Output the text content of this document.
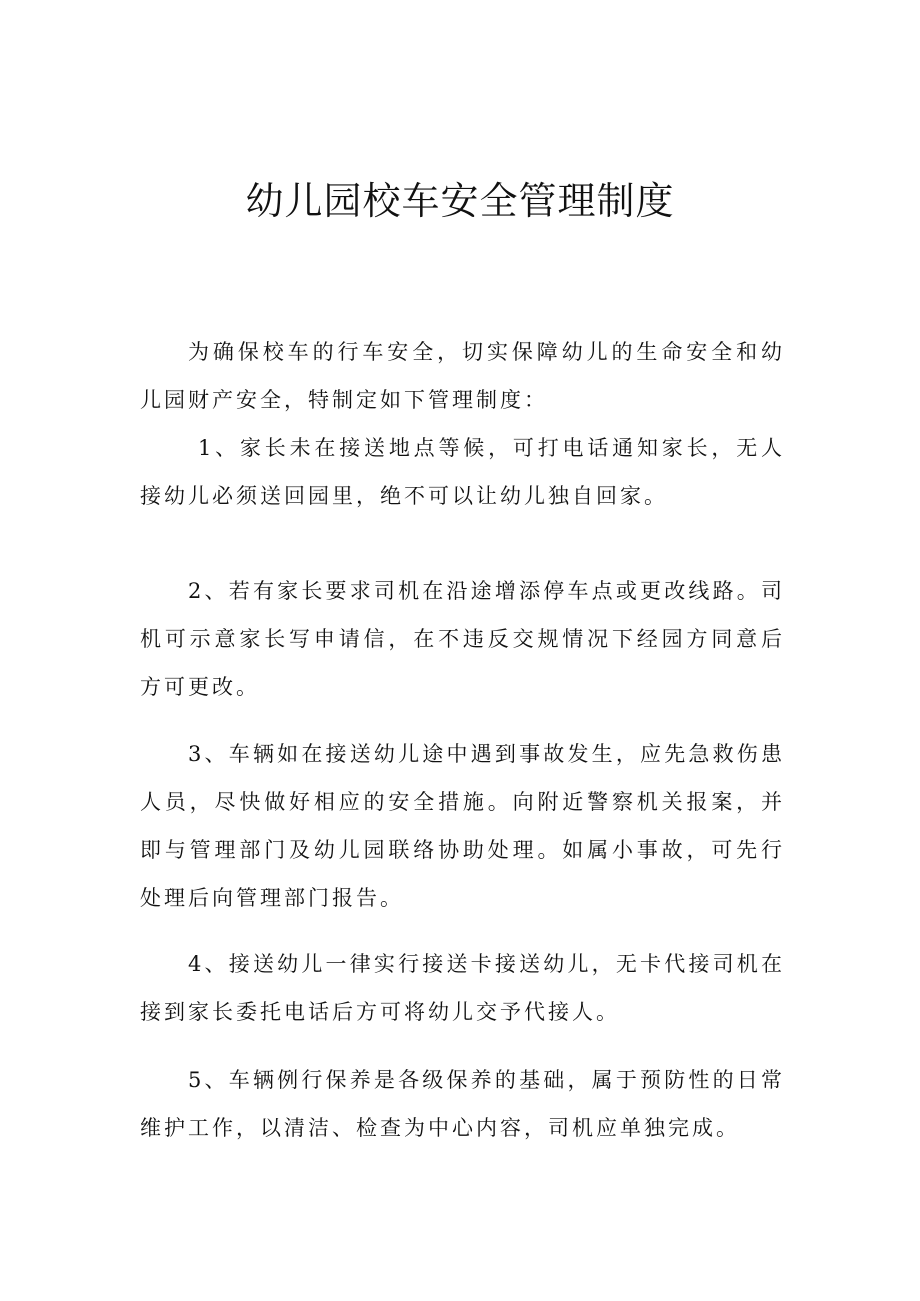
幼儿园校车安全管理制度

为确保校车的行车安全，切实保障幼儿的生命安全和幼儿园财产安全，特制定如下管理制度：

1、家长未在接送地点等候，可打电话通知家长，无人接幼儿必须送回园里，绝不可以让幼儿独自回家。

2、若有家长要求司机在沿途增添停车点或更改线路。司机可示意家长写申请信，在不违反交规情况下经园方同意后方可更改。

3、车辆如在接送幼儿途中遇到事故发生，应先急救伤患人员，尽快做好相应的安全措施。向附近警察机关报案，并即与管理部门及幼儿园联络协助处理。如属小事故，可先行处理后向管理部门报告。

4、接送幼儿一律实行接送卡接送幼儿，无卡代接司机在接到家长委托电话后方可将幼儿交予代接人。

5、车辆例行保养是各级保养的基础，属于预防性的日常维护工作，以清洁、检查为中心内容，司机应单独完成。
